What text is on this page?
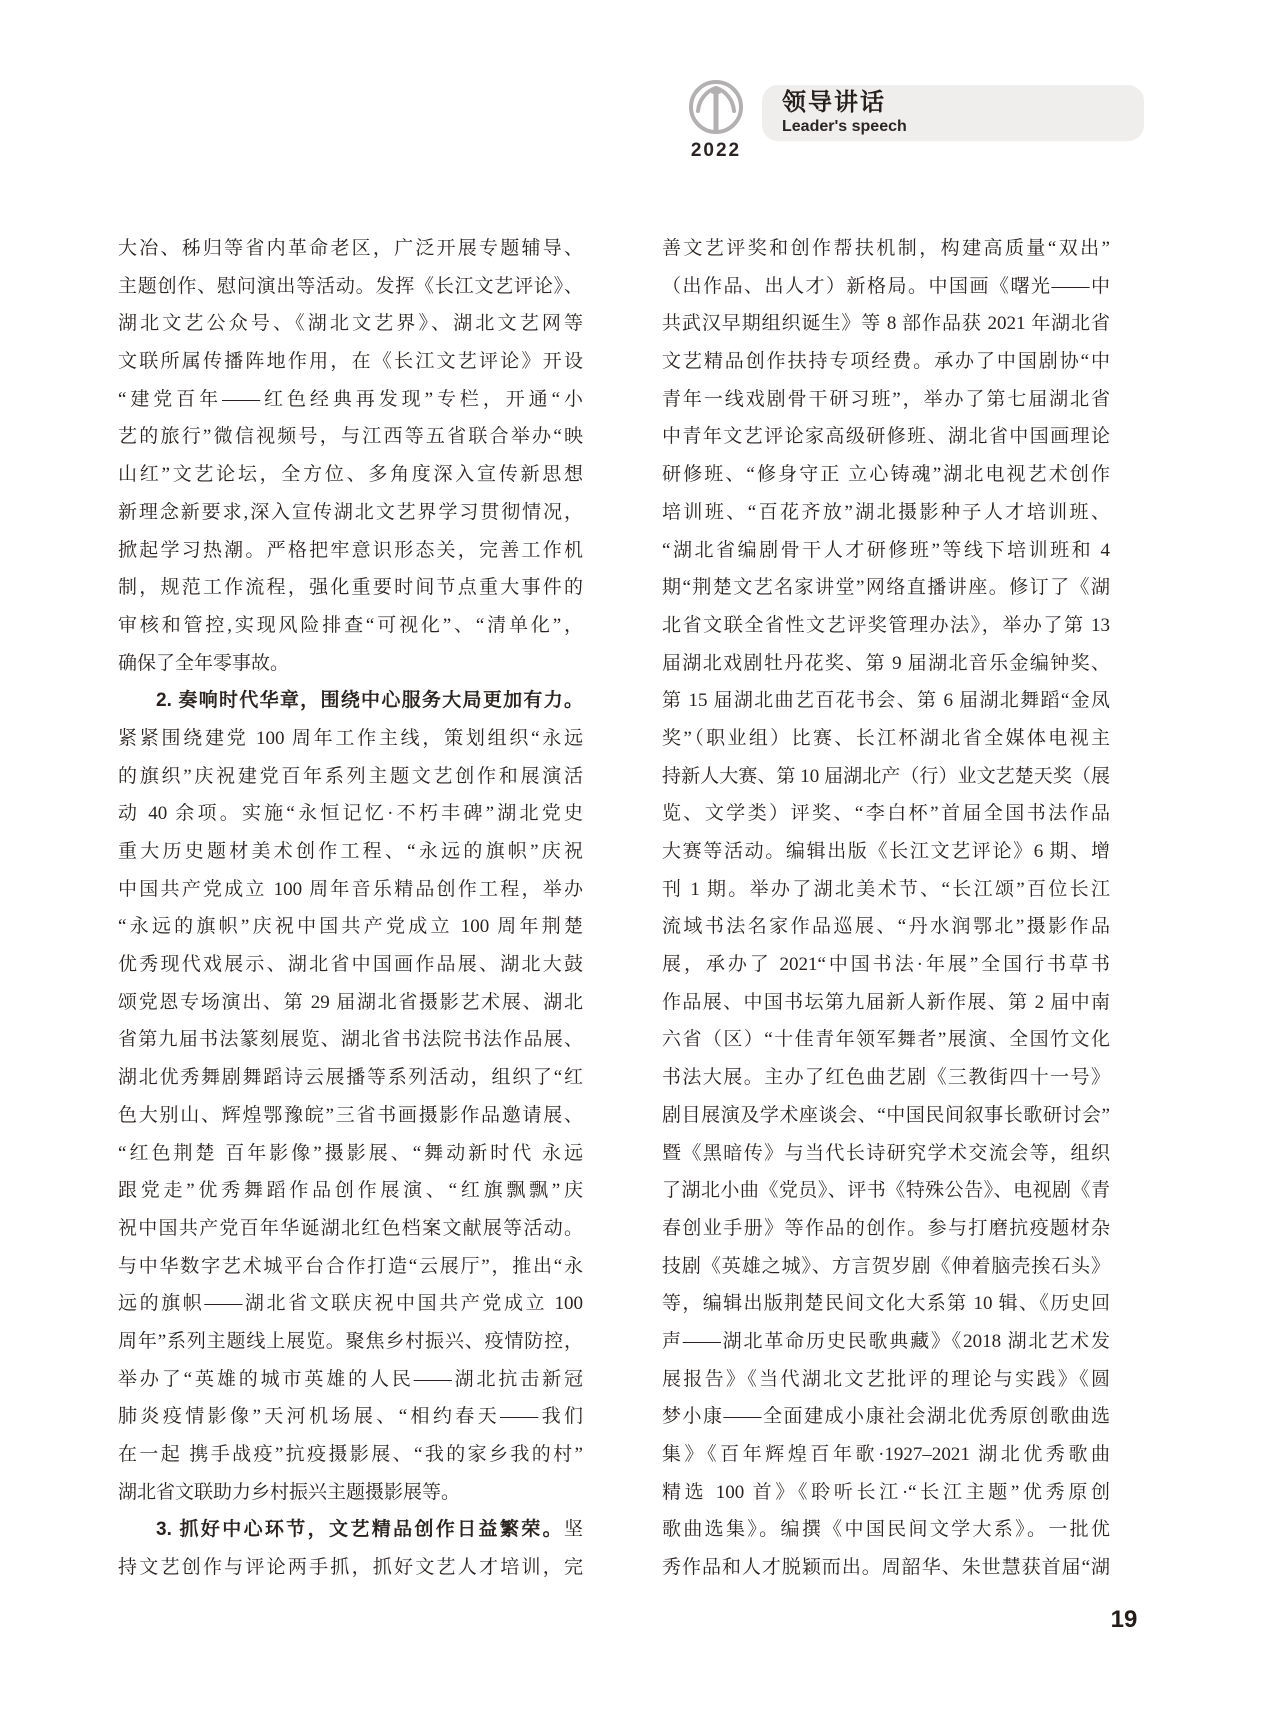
2022
领导讲话
Leader's speech
大冶、秭归等省内革命老区，广泛开展专题辅导、
主题创作、慰问演出等活动。发挥《长江文艺评论》、
湖北文艺公众号、《湖北文艺界》、湖北文艺网等
文联所属传播阵地作用，在《长江文艺评论》开设
“建党百年——红色经典再发现”专栏，开通“小
艺的旅行”微信视频号，与江西等五省联合举办“映
山红”文艺论坛，全方位、多角度深入宣传新思想
新理念新要求,深入宣传湖北文艺界学习贯彻情况，
掀起学习热潮。严格把牢意识形态关，完善工作机
制，规范工作流程，强化重要时间节点重大事件的
审核和管控,实现风险排查“可视化”、“清单化”，
确保了全年零事故。
2. 奏响时代华章，围绕中心服务大局更加有力。
紧紧围绕建党 100 周年工作主线，策划组织“永远
的旗织”庆祝建党百年系列主题文艺创作和展演活
动 40 余项。实施“永恒记忆·不朽丰碑”湖北党史
重大历史题材美术创作工程、“永远的旗帜”庆祝
中国共产党成立 100 周年音乐精品创作工程，举办
“永远的旗帜”庆祝中国共产党成立 100 周年荆楚
优秀现代戏展示、湖北省中国画作品展、湖北大鼓
颂党恩专场演出、第 29 届湖北省摄影艺术展、湖北
省第九届书法篆刻展览、湖北省书法院书法作品展、
湖北优秀舞剧舞蹈诗云展播等系列活动，组织了“红
色大别山、辉煌鄂豫皖”三省书画摄影作品邀请展、
“红色荆楚 百年影像”摄影展、“舞动新时代 永远
跟党走”优秀舞蹈作品创作展演、“红旗飘飘”庆
祝中国共产党百年华诞湖北红色档案文献展等活动。
与中华数字艺术城平台合作打造“云展厅”，推出“永
远的旗帜——湖北省文联庆祝中国共产党成立 100
周年”系列主题线上展览。聚焦乡村振兴、疫情防控，
举办了“英雄的城市英雄的人民——湖北抗击新冠
肺炎疫情影像”天河机场展、“相约春天——我们
在一起 携手战疫”抗疫摄影展、“我的家乡我的村”
湖北省文联助力乡村振兴主题摄影展等。
3. 抓好中心环节，文艺精品创作日益繁荣。坚
持文艺创作与评论两手抓，抓好文艺人才培训，完
善文艺评奖和创作帮扶机制，构建高质量“双出”
（出作品、出人才）新格局。中国画《曙光——中
共武汉早期组织诞生》等 8 部作品获 2021 年湖北省
文艺精品创作扶持专项经费。承办了中国剧协“中
青年一线戏剧骨干研习班”，举办了第七届湖北省
中青年文艺评论家高级研修班、湖北省中国画理论
研修班、“修身守正 立心铸魂”湖北电视艺术创作
培训班、“百花齐放”湖北摄影种子人才培训班、
“湖北省编剧骨干人才研修班”等线下培训班和 4
期“荆楚文艺名家讲堂”网络直播讲座。修订了《湖
北省文联全省性文艺评奖管理办法》，举办了第 13
届湖北戏剧牡丹花奖、第 9 届湖北音乐金编钟奖、
第 15 届湖北曲艺百花书会、第 6 届湖北舞蹈“金凤
奖”（职业组）比赛、长江杯湖北省全媒体电视主
持新人大赛、第 10 届湖北产（行）业文艺楚天奖（展
览、文学类）评奖、“李白杯”首届全国书法作品
大赛等活动。编辑出版《长江文艺评论》6 期、增
刊 1 期。举办了湖北美术节、“长江颂”百位长江
流域书法名家作品巡展、“丹水润鄂北”摄影作品
展，承办了 2021“中国书法·年展”全国行书草书
作品展、中国书坛第九届新人新作展、第 2 届中南
六省（区）“十佳青年领军舞者”展演、全国竹文化
书法大展。主办了红色曲艺剧《三教街四十一号》
剧目展演及学术座谈会、“中国民间叙事长歌研讨会”
暨《黑暗传》与当代长诗研究学术交流会等，组织
了湖北小曲《党员》、评书《特殊公告》、电视剧《青
春创业手册》等作品的创作。参与打磨抗疫题材杂
技剧《英雄之城》、方言贺岁剧《伸着脑壳挨石头》
等，编辑出版荆楚民间文化大系第 10 辑、《历史回
声——湖北革命历史民歌典藏》《2018 湖北艺术发
展报告》《当代湖北文艺批评的理论与实践》《圆
梦小康——全面建成小康社会湖北优秀原创歌曲选
集》《百年辉煌百年歌·1927–2021 湖北优秀歌曲
精选 100 首》《聆听长江·“长江主题”优秀原创
歌曲选集》。编撰《中国民间文学大系》。一批优
秀作品和人才脱颖而出。周韶华、朱世慧获首届“湖
19
